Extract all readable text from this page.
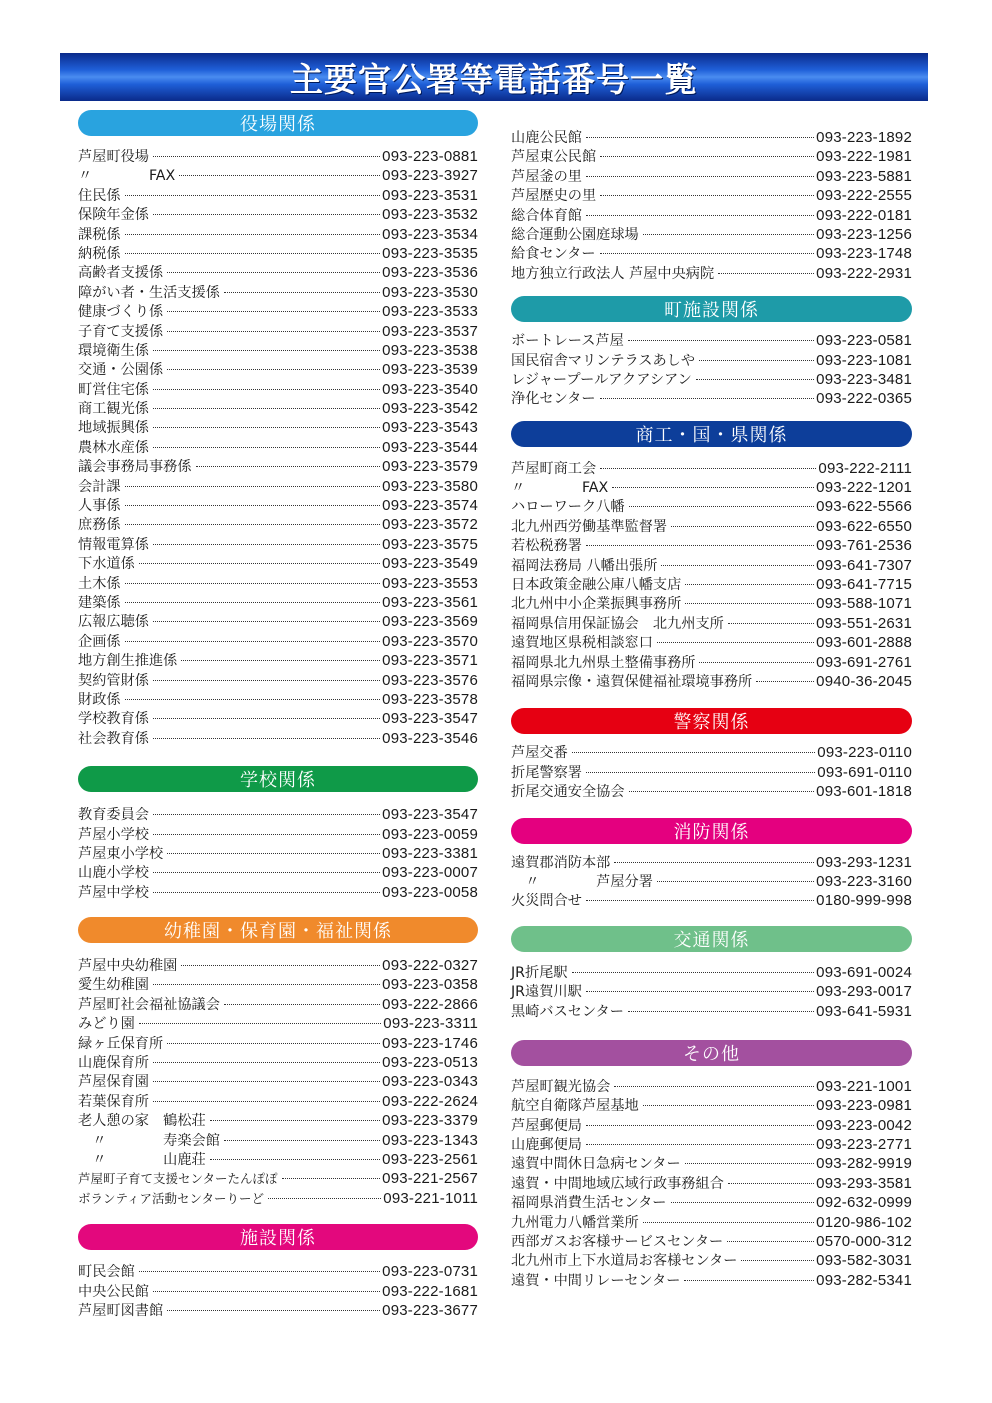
主要官公署等電話番号一覧
役場関係
芦屋町役場	093-223-0881
〃　　　　FAX	093-223-3927
住民係	093-223-3531
保険年金係	093-223-3532
課税係	093-223-3534
納税係	093-223-3535
高齢者支援係	093-223-3536
障がい者・生活支援係	093-223-3530
健康づくり係	093-223-3533
子育て支援係	093-223-3537
環境衛生係	093-223-3538
交通・公園係	093-223-3539
町営住宅係	093-223-3540
商工観光係	093-223-3542
地域振興係	093-223-3543
農林水産係	093-223-3544
議会事務局事務係	093-223-3579
会計課	093-223-3580
人事係	093-223-3574
庶務係	093-223-3572
情報電算係	093-223-3575
下水道係	093-223-3549
土木係	093-223-3553
建築係	093-223-3561
広報広聴係	093-223-3569
企画係	093-223-3570
地方創生推進係	093-223-3571
契約管財係	093-223-3576
財政係	093-223-3578
学校教育係	093-223-3547
社会教育係	093-223-3546
学校関係
教育委員会	093-223-3547
芦屋小学校	093-223-0059
芦屋東小学校	093-223-3381
山鹿小学校	093-223-0007
芦屋中学校	093-223-0058
幼稚園・保育園・福祉関係
芦屋中央幼稚園	093-222-0327
愛生幼稚園	093-223-0358
芦屋町社会福祉協議会	093-222-2866
みどり園	093-223-3311
緑ヶ丘保育所	093-223-1746
山鹿保育所	093-223-0513
芦屋保育園	093-223-0343
若葉保育所	093-222-2624
老人憩の家　鶴松荘	093-223-3379
　〃　　　　寿楽会館	093-223-1343
　〃　　　　山鹿荘	093-223-2561
芦屋町子育て支援センターたんぽぽ	093-221-2567
ボランティア活動センターりーど	093-221-1011
施設関係
町民会館	093-223-0731
中央公民館	093-222-1681
芦屋町図書館	093-223-3677
山鹿公民館	093-223-1892
芦屋東公民館	093-222-1981
芦屋釜の里	093-223-5881
芦屋歴史の里	093-222-2555
総合体育館	093-222-0181
総合運動公園庭球場	093-223-1256
給食センター	093-223-1748
地方独立行政法人 芦屋中央病院	093-222-2931
町施設関係
ボートレース芦屋	093-223-0581
国民宿舎マリンテラスあしや	093-223-1081
レジャープールアクアシアン	093-223-3481
浄化センター	093-222-0365
商工・国・県関係
芦屋町商工会	093-222-2111
〃　　　　FAX	093-222-1201
ハローワーク八幡	093-622-5566
北九州西労働基準監督署	093-622-6550
若松税務署	093-761-2536
福岡法務局 八幡出張所	093-641-7307
日本政策金融公庫八幡支店	093-641-7715
北九州中小企業振興事務所	093-588-1071
福岡県信用保証協会　北九州支所	093-551-2631
遠賀地区県税相談窓口	093-601-2888
福岡県北九州県土整備事務所	093-691-2761
福岡県宗像・遠賀保健福祉環境事務所	0940-36-2045
警察関係
芦屋交番	093-223-0110
折尾警察署	093-691-0110
折尾交通安全協会	093-601-1818
消防関係
遠賀郡消防本部	093-293-1231
　〃　　　　芦屋分署	093-223-3160
火災問合せ	0180-999-998
交通関係
JR折尾駅	093-691-0024
JR遠賀川駅	093-293-0017
黒崎バスセンター	093-641-5931
その他
芦屋町観光協会	093-221-1001
航空自衛隊芦屋基地	093-223-0981
芦屋郵便局	093-223-0042
山鹿郵便局	093-223-2771
遠賀中間休日急病センター	093-282-9919
遠賀・中間地域広域行政事務組合	093-293-3581
福岡県消費生活センター	092-632-0999
九州電力八幡営業所	0120-986-102
西部ガスお客様サービスセンター	0570-000-312
北九州市上下水道局お客様センター	093-582-3031
遠賀・中間リレーセンター	093-282-5341
